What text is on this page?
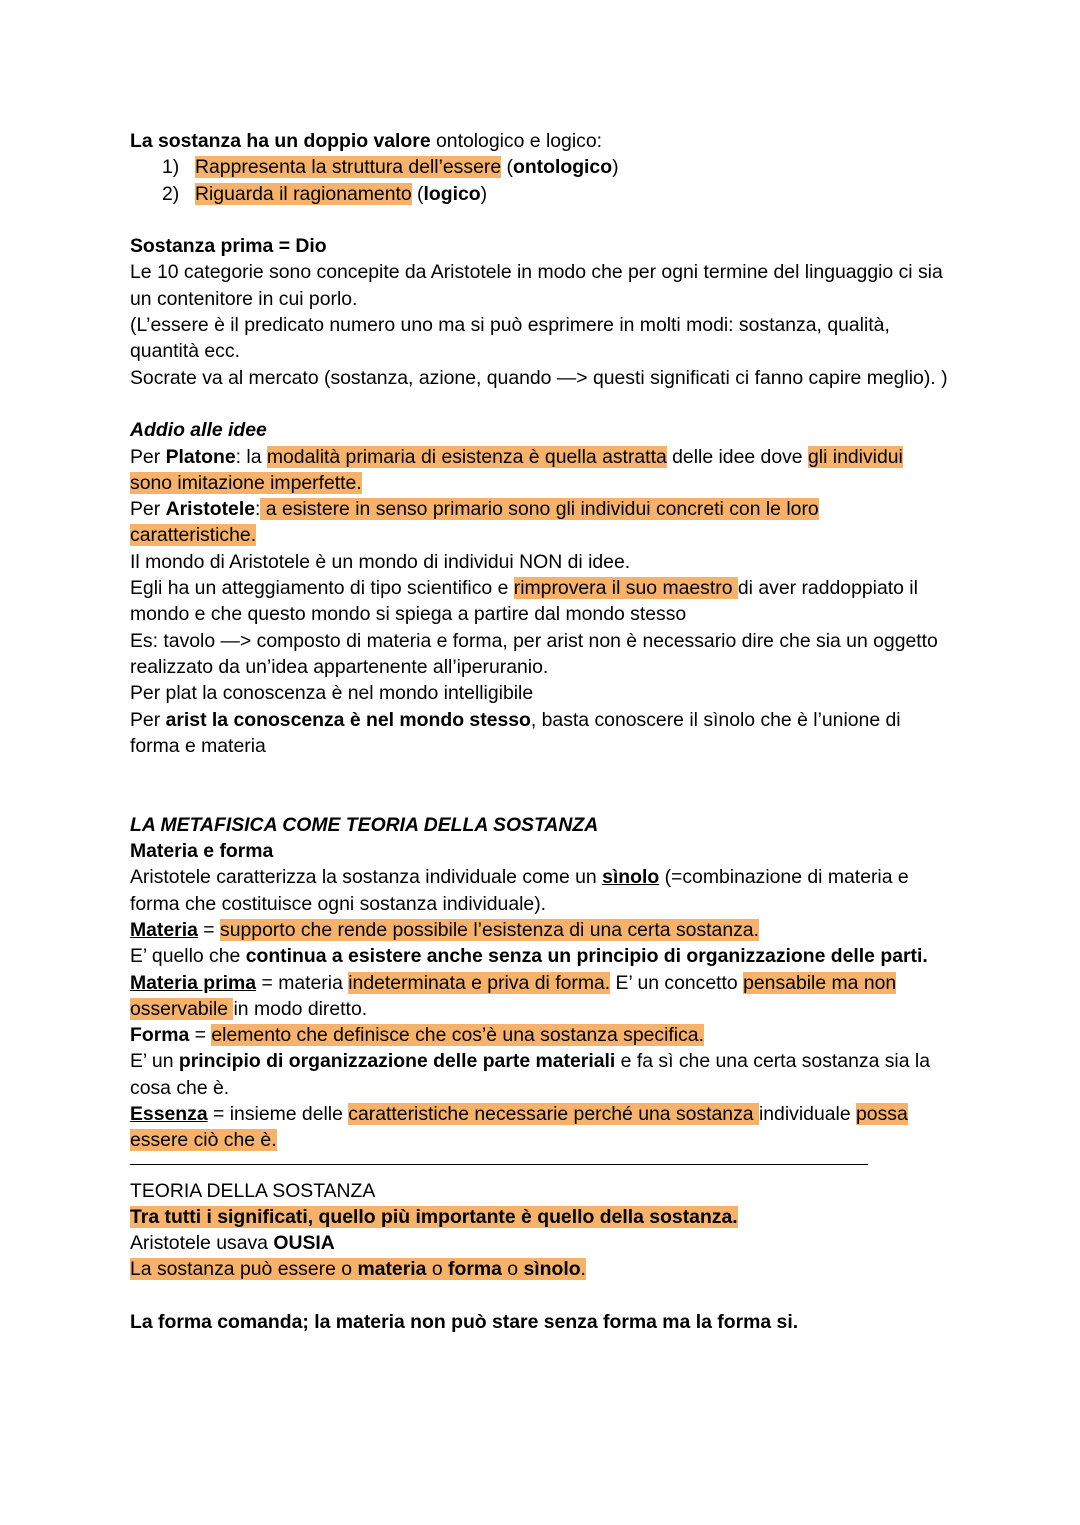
La sostanza ha un doppio valore ontologico e logico:

1) Rappresenta la struttura dell’essere (ontologico)

2) Riguarda il ragionamento (logico)

Sostanza prima = Dio

Le 10 categorie sono concepite da Aristotele in modo che per ogni termine del linguaggio ci sia un contenitore in cui porlo.

(L’essere è il predicato numero uno ma si può esprimere in molti modi: sostanza, qualità, quantità ecc.

Socrate va al mercato (sostanza, azione, quando —> questi significati ci fanno capire meglio). )

Addio alle idee

Per Platone: la modalità primaria di esistenza è quella astratta delle idee dove gli individui sono imitazione imperfette.

Per Aristotele: a esistere in senso primario sono gli individui concreti con le loro caratteristiche.

Il mondo di Aristotele è un mondo di individui NON di idee.

Egli ha un atteggiamento di tipo scientifico e rimprovera il suo maestro di aver raddoppiato il mondo e che questo mondo si spiega a partire dal mondo stesso

Es: tavolo —> composto di materia e forma, per arist non è necessario dire che sia un oggetto realizzato da un’idea appartenente all’iperuranio.

Per plat la conoscenza è nel mondo intelligibile

Per arist la conoscenza è nel mondo stesso, basta conoscere il sìnolo che è l’unione di forma e materia

LA METAFISICA COME TEORIA DELLA SOSTANZA

Materia e forma

Aristotele caratterizza la sostanza individuale come un sìnolo (=combinazione di materia e forma che costituisce ogni sostanza individuale).

Materia = supporto che rende possibile l’esistenza di una certa sostanza.

E’ quello che continua a esistere anche senza un principio di organizzazione delle parti.

Materia prima = materia indeterminata e priva di forma. E’ un concetto pensabile ma non osservabile in modo diretto.

Forma = elemento che definisce che cos’è una sostanza specifica.

E’ un principio di organizzazione delle parte materiali e fa sì che una certa sostanza sia la cosa che è.

Essenza = insieme delle caratteristiche necessarie perché una sostanza individuale possa essere ciò che è.

TEORIA DELLA SOSTANZA

Tra tutti i significati, quello più importante è quello della sostanza.

Aristotele usava OUSIA

La sostanza può essere o materia o forma o sìnolo.

La forma comanda; la materia non può stare senza forma ma la forma si.
